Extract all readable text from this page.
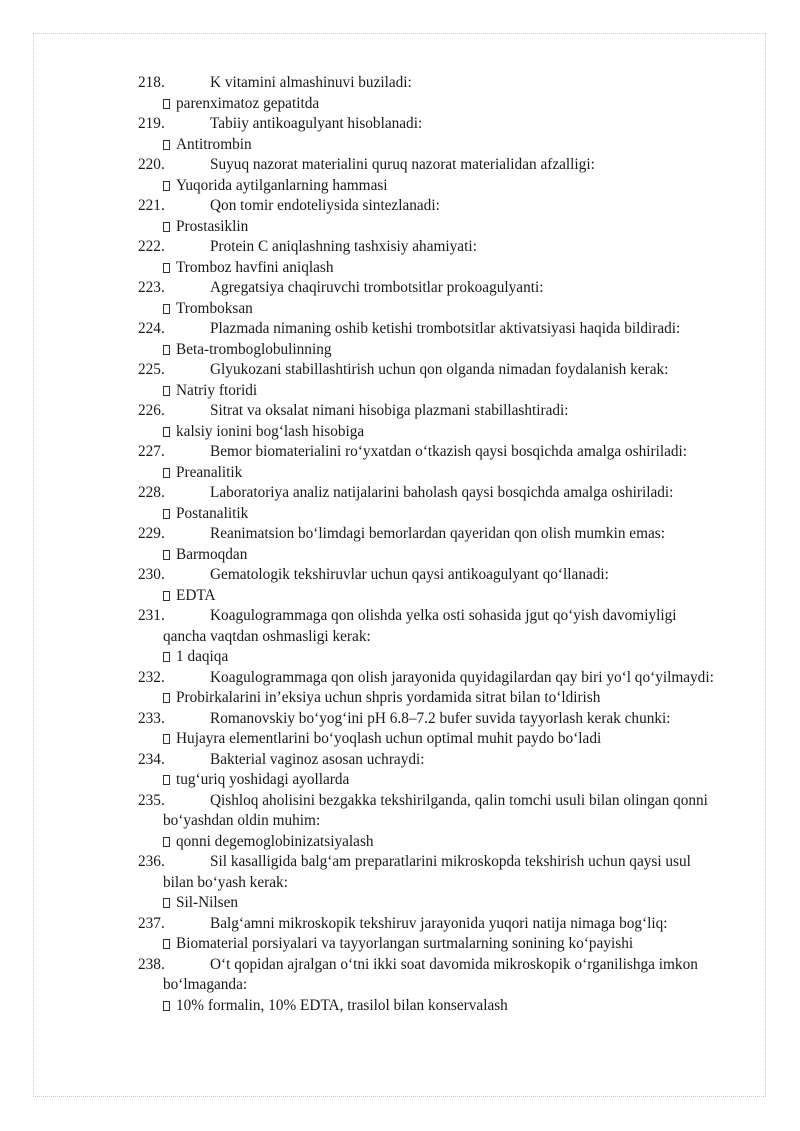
218.	K vitamini almashinuvi buziladi:
parenximatoz gepatitda
219.	Tabiiy antikoagulyant hisoblanadi:
Antitrombin
220.	Suyuq nazorat materialini quruq nazorat materialidan afzalligi:
Yuqorida aytilganlarning hammasi
221.	Qon tomir endoteliysida sintezlanadi:
Prostasiklin
222.	Protein C aniqlashning tashxisiy ahamiyati:
Tromboz havfini aniqlash
223.	Agregatsiya chaqiruvchi trombotsitlar prokoagulyanti:
Tromboksan
224.	Plazmada nimaning oshib ketishi trombotsitlar aktivatsiyasi haqida bildiradi:
Beta-tromboglobulinning
225.	Glyukozani stabillashtirish uchun qon olganda nimadan foydalanish kerak:
Natriy ftoridi
226.	Sitrat va oksalat nimani hisobiga plazmani stabillashtiradi:
kalsiy ionini bog‘lash hisobiga
227.	Bemor biomaterialini ro‘yxatdan o‘tkazish qaysi bosqichda amalga oshiriladi:
Preanalitik
228.	Laboratoriya analiz natijalarini baholash qaysi bosqichda amalga oshiriladi:
Postanalitik
229.	Reanimatsion bo‘limdagi bemorlardan qayeridan qon olish mumkin emas:
Barmoqdan
230.	Gematologik tekshiruvlar uchun qaysi antikoagulyant qo‘llanadi:
EDTA
231.	Koagulogrammaga qon olishda yelka osti sohasida jgut qo‘yish davomiyligi
qancha vaqtdan oshmasligi kerak:
1 daqiqa
232.	Koagulogrammaga qon olish jarayonida quyidagilardan qay biri yo‘l qo‘yilmaydi:
Probirkalarini in’eksiya uchun shpris yordamida sitrat bilan to‘ldirish
233.	Romanovskiy bo‘yog‘ini pH 6.8–7.2 bufer suvida tayyorlash kerak chunki:
Hujayra elementlarini bo‘yoqlash uchun optimal muhit paydo bo‘ladi
234.	Bakterial vaginoz asosan uchraydi:
tug‘uriq yoshidagi ayollarda
235.	Qishloq aholisini bezgakka tekshirilganda, qalin tomchi usuli bilan olingan qonni
bo‘yashdan oldin muhim:
qonni degemoglobinizatsiyalash
236.	Sil kasalligida balg‘am preparatlarini mikroskopda tekshirish uchun qaysi usul
bilan bo‘yash kerak:
Sil-Nilsen
237.	Balg‘amni mikroskopik tekshiruv jarayonida yuqori natija nimaga bog‘liq:
Biomaterial porsiyalari va tayyorlangan surtmalarning sonining ko‘payishi
238.	O‘t qopidan ajralgan o‘tni ikki soat davomida mikroskopik o‘rganilishga imkon
bo‘lmaganda:
10% formalin, 10% EDTA, trasilol bilan konservalash
